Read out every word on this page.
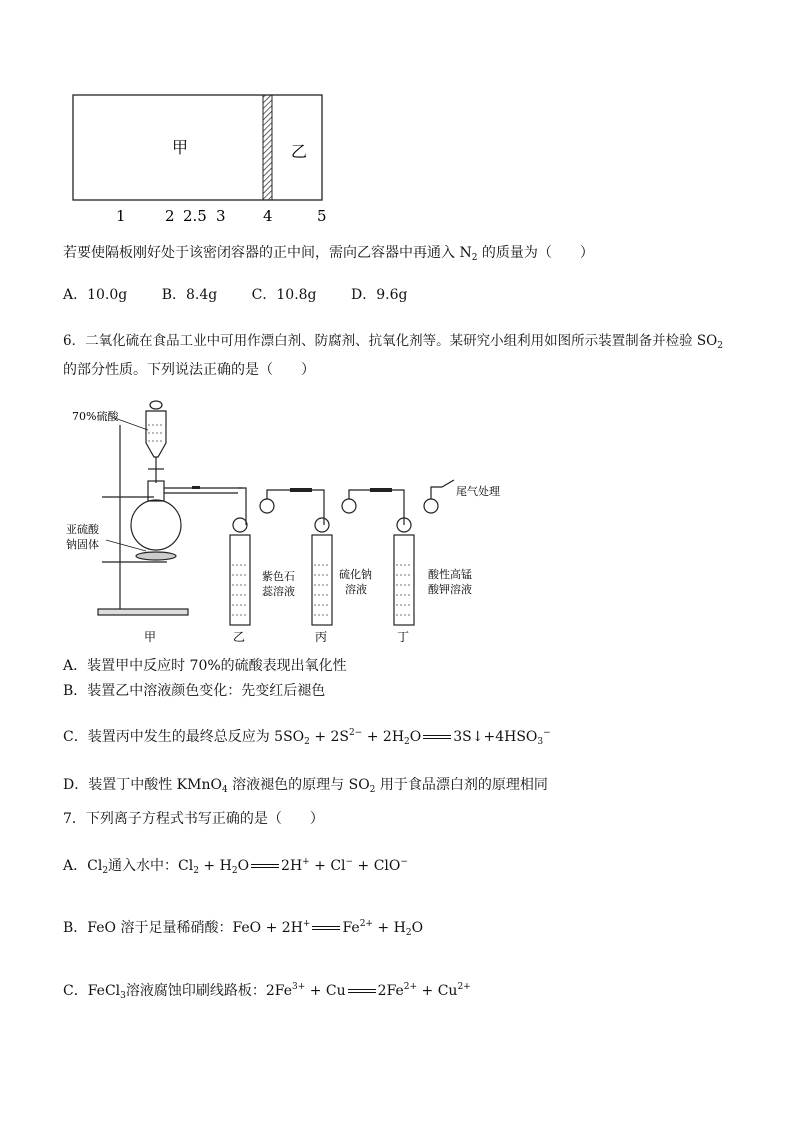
甲	乙
1	2 2.5 3 4	5
若要使隔板刚好处于该密闭容器的正中间，需向乙容器中再通入 $N_2$ 的质量为（　　）
A．10.0g B．8.4g C．10.8g D．9.6g
6．二氧化硫在食品工业中可用作漂白剂、防腐剂、抗氧化剂等。某研究小组利用如图所示装置制备并检验 $SO_2$
的部分性质。下列说法正确的是（　　）
70%硫酸
亚硫酸
钠固体
尾气处理
紫色石
蕊溶液
硫化钠
溶液
酸性高锰
酸钾溶液
甲	乙	丙	丁
A．装置甲中反应时 70%的硫酸表现出氧化性
B．装置乙中溶液颜色变化：先变红后褪色
C．装置丙中发生的最终总反应为 $5SO_2 + 2S^{2-} + 2H_2O$ $3S↓+4HSO_3^-$
D．装置丁中酸性 KMnO$_4$ 溶液褪色的原理与 $SO_2$ 用于食品漂白剂的原理相同
7．下列离子方程式书写正确的是（　　）
A．$Cl_2$通入水中：$Cl_2 + H_2O$ 2H+ + Cl− + ClO−
B．FeO 溶于足量稀硝酸：FeO + 2H+ $Fe^{2+} + H_2O$
C．FeCl$_3$溶液腐蚀印刷线路板：$2Fe^{3+} + Cu$ $2Fe^{2+} + Cu^{2+}$
